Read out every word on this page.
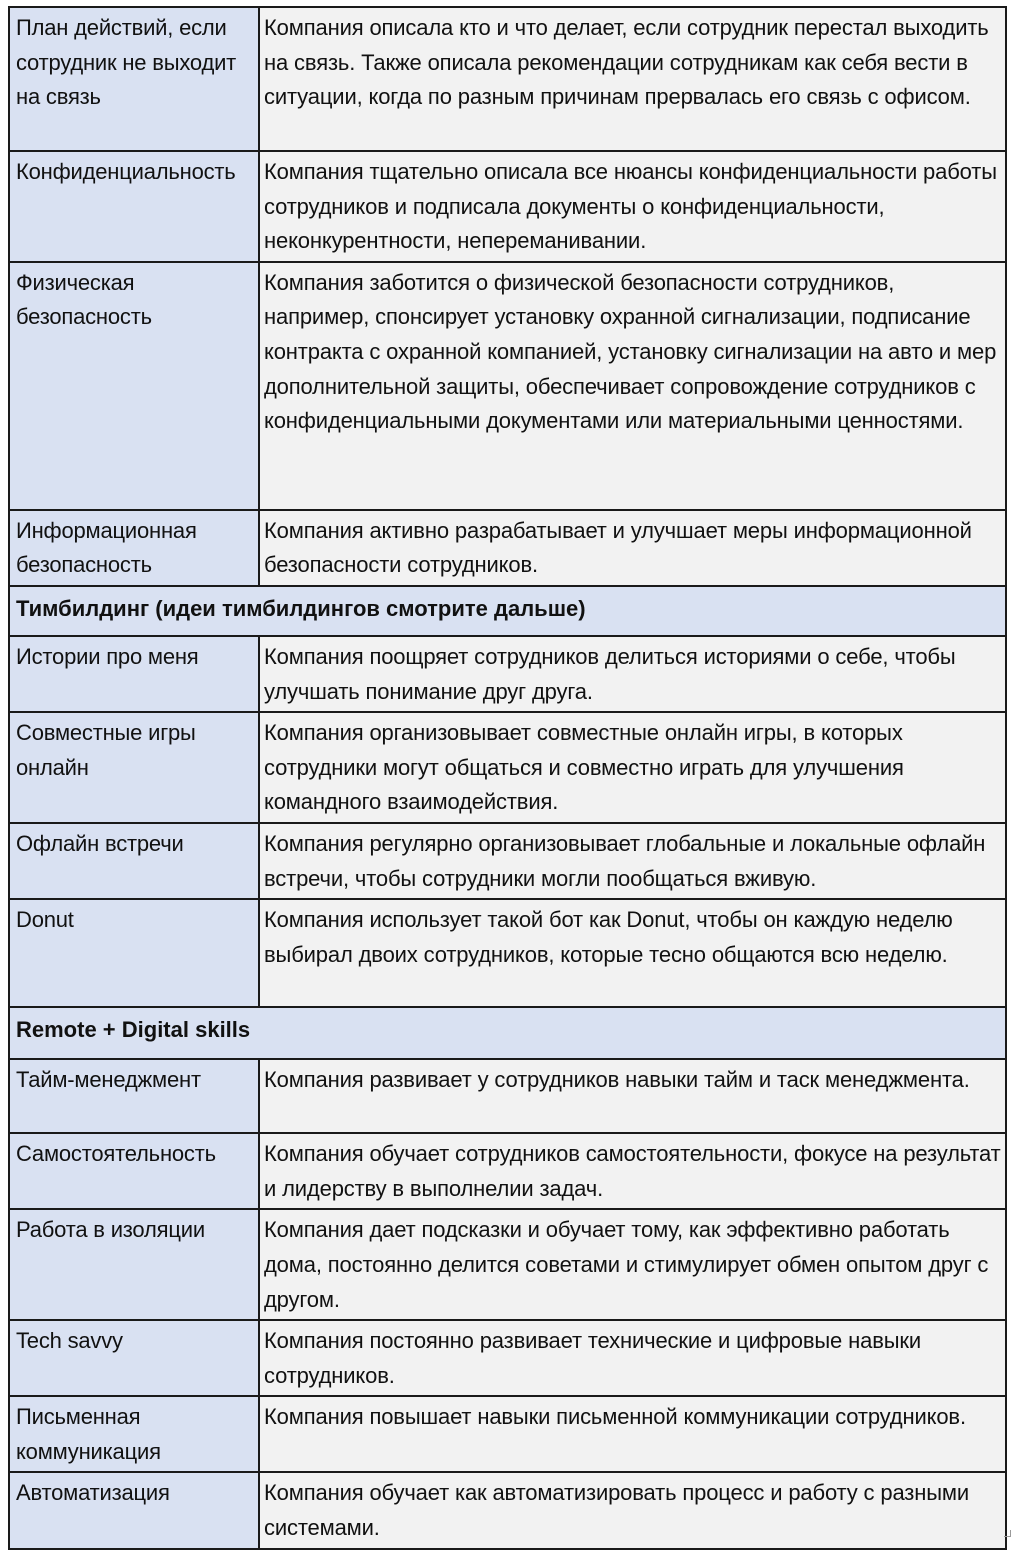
План действий, если сотрудник не выходит на связь	Компания описала кто и что делает, если сотрудник перестал выходить на связь. Также описала рекомендации сотрудникам как себя вести в ситуации, когда по разным причинам прервалась его связь с офисом.
Конфиденциальность	Компания тщательно описала все нюансы конфиденциальности работы сотрудников и подписала документы о конфиденциальности, неконкурентности, непереманивании.
Физическая безопасность	Компания заботится о физической безопасности сотрудников, например, спонсирует установку охранной сигнализации, подписание контракта с охранной компанией, установку сигнализации на авто и мер дополнительной защиты, обеспечивает сопровождение сотрудников с конфиденциальными документами или материальными ценностями.
Информационная безопасность	Компания активно разрабатывает и улучшает меры информационной безопасности сотрудников.
Тимбилдинг (идеи тимбилдингов смотрите дальше)	
Истории про меня	Компания поощряет сотрудников делиться историями о себе, чтобы улучшать понимание друг друга.
Совместные игры онлайн	Компания организовывает совместные онлайн игры, в которых сотрудники могут общаться и совместно играть для улучшения командного взаимодействия.
Офлайн встречи	Компания регулярно организовывает глобальные и локальные офлайн встречи, чтобы сотрудники могли пообщаться вживую.
Donut	Компания использует такой бот как Donut, чтобы он каждую неделю выбирал двоих сотрудников, которые тесно общаются всю неделю.
Remote + Digital skills	
Тайм-менеджмент	Компания развивает у сотрудников навыки тайм и таск менеджмента.
Самостоятельность	Компания обучает сотрудников самостоятельности, фокусе на результат и лидерству в выполнелии задач.
Работа в изоляции	Компания дает подсказки и обучает тому, как эффективно работать дома, постоянно делится советами и стимулирует обмен опытом друг с другом.
Tech savvy	Компания постоянно развивает технические и цифровые навыки сотрудников.
Письменная коммуникация	Компания повышает навыки письменной коммуникации сотрудников.
Автоматизация	Компания обучает как автоматизировать процесс и работу с разными системами.
